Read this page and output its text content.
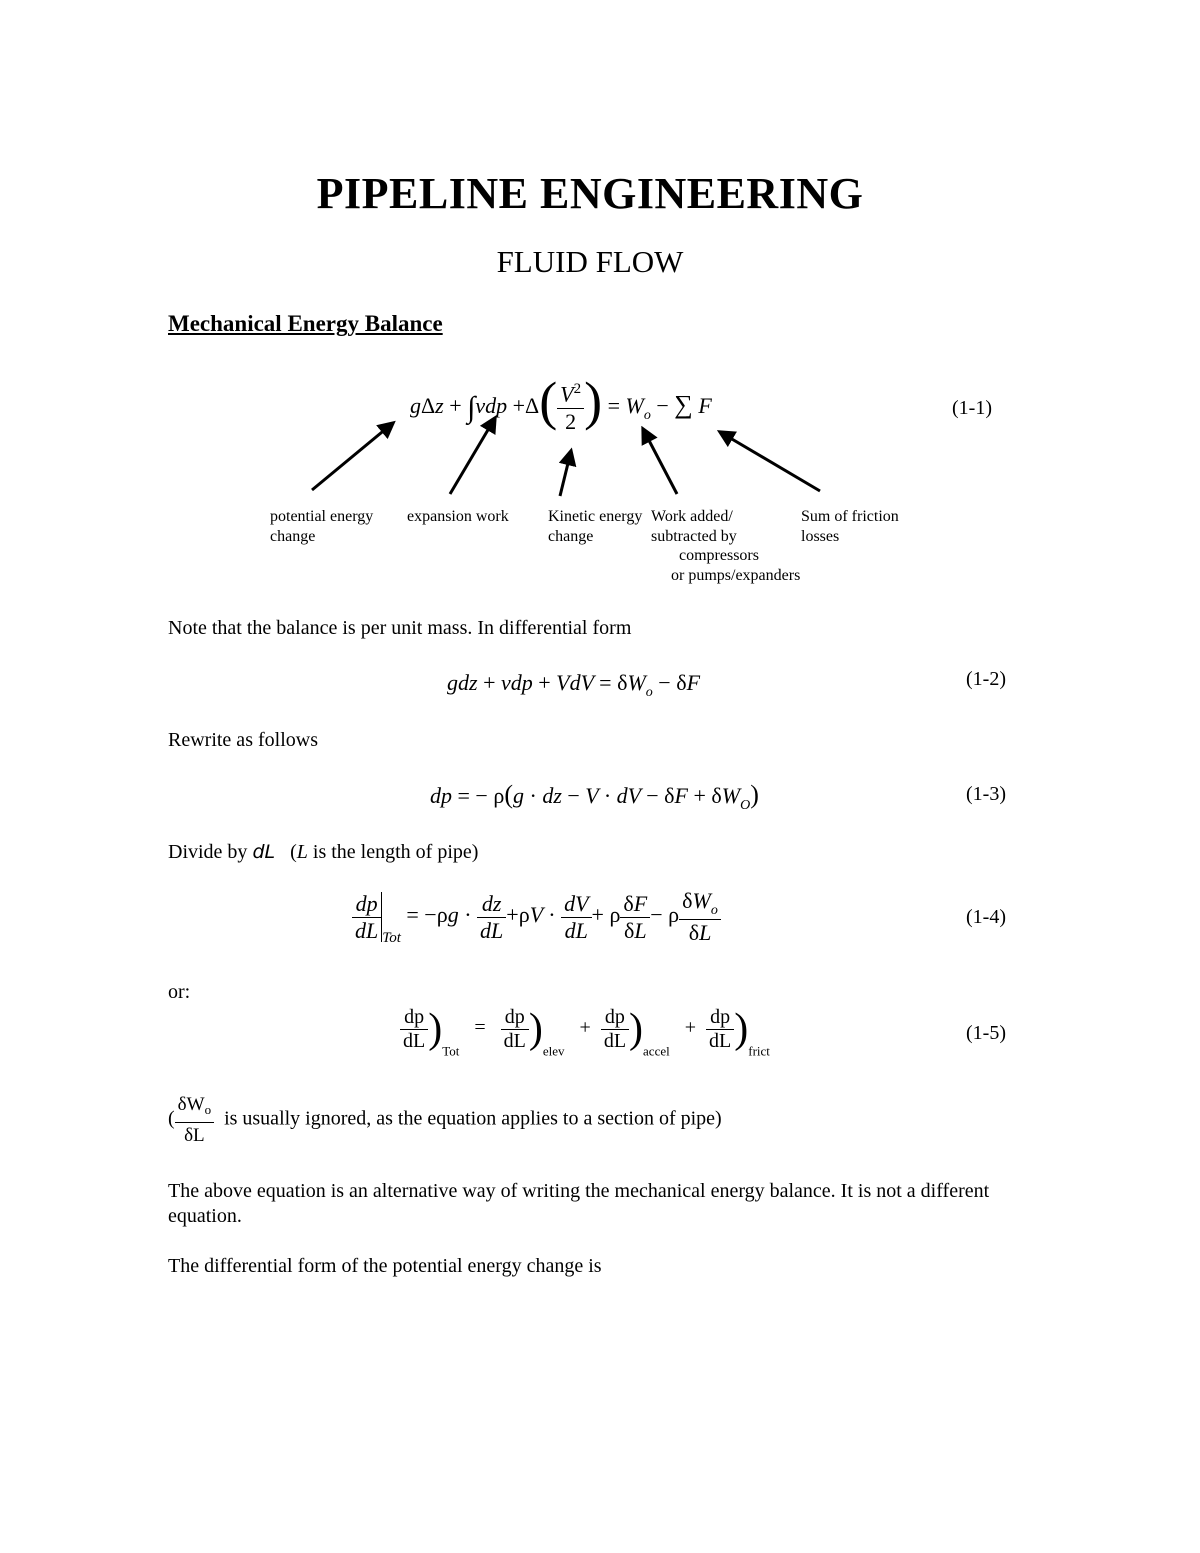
PIPELINE ENGINEERING
FLUID FLOW
Mechanical Energy Balance
$g\Delta z + \int vdp +\Delta( \frac{V^2}{2}$ ) = $W_o$ − ∑ F	(1-1)
potential energy
change
expansion work Kinetic energy
change
Work added/
subtracted by
compressors
or pumps/expanders
Sum of friction
losses
Note that the balance is per unit mass. In differential form
gdz + vdp + VdV = $\delta W_o - \delta F$	(1-2)
Rewrite as follows
dp = − ρ(g · dz − V · dV − $\delta F + \delta W_O$)	(1-3)
Divide by dL   (L is the length of pipe)
$\frac{dp}{dL} _{Tot} = -\rho g \cdot \frac{dz}{dL} +\rho V \cdot \frac{dV}{dL} + \rho \frac{\delta F}{\delta L} - \rho \frac{\delta W_o}{\delta L}$	(1-4)
or:
$\frac{dp}{dL} )_{Tot} = \frac{dp}{dL} )_{elev} + \frac{dp}{dL} )_{accel} + \frac{dp}{dL} )_{frict}$
(1-5)
( $\frac{\delta W_o}{\delta L}$ is usually ignored, as the equation applies to a section of pipe)
The above equation is an alternative way of writing the mechanical energy balance. It is not a different equation.
The differential form of the potential energy change is
